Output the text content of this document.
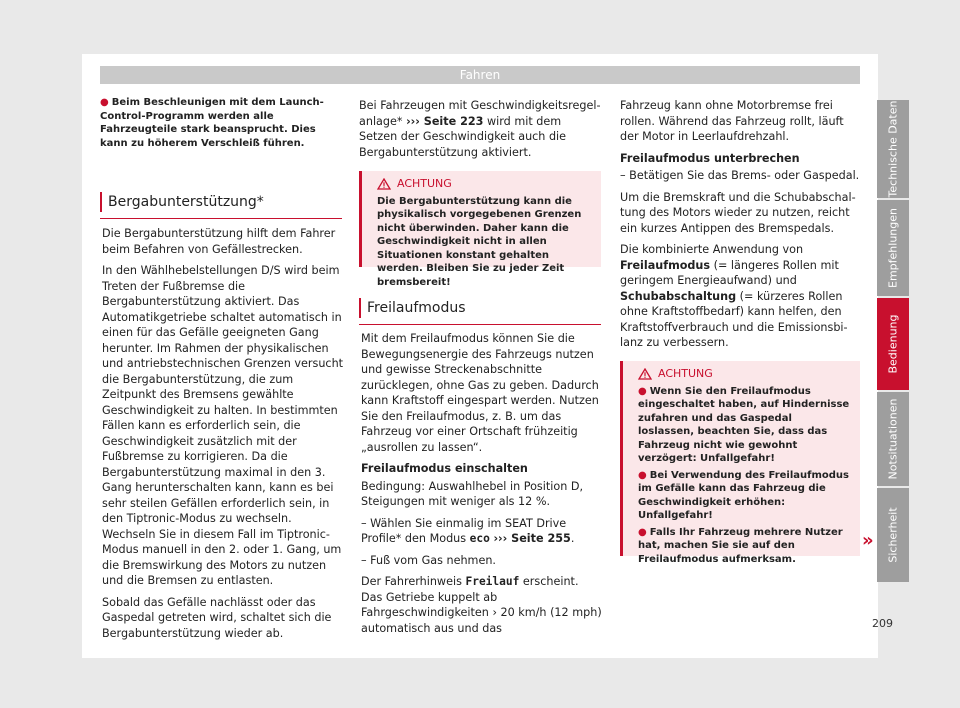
Fahren
● Beim Beschleunigen mit dem Launch-Control-Programm werden alle Fahrzeugteile stark beansprucht. Dies kann zu höherem Verschleiß führen.
Bergabunterstützung*

Die Bergabunterstützung hilft dem Fahrer beim Befahren von Gefällestrecken.

In den Wählhebelstellungen D/S wird beim Treten der Fußbremse die Bergabunterstützung aktiviert. Das Automatikgetriebe schaltet automatisch in einen für das Gefälle geeigneten Gang herunter. Im Rahmen der physikalischen und antriebstechnischen Grenzen versucht die Bergabunterstützung, die zum Zeitpunkt des Bremsens gewählte Geschwindigkeit zu halten. In bestimmten Fällen kann es erforderlich sein, die Geschwindigkeit zusätzlich mit der Fußbremse zu korrigieren. Da die Bergabunterstützung maximal in den 3. Gang herunterschalten kann, kann es bei sehr steilen Gefällen erforderlich sein, in den Tiptronic-Modus zu wechseln. Wechseln Sie in diesem Fall im Tiptronic-Modus manuell in den 2. oder 1. Gang, um die Bremswirkung des Motors zu nutzen und die Bremsen zu entlasten.

Sobald das Gefälle nachlässt oder das Gaspedal getreten wird, schaltet sich die Bergabunterstützung wieder ab.

Bei Fahrzeugen mit Geschwindigkeitsregelanlage* ››› Seite 223 wird mit dem Setzen der Geschwindigkeit auch die Bergabunterstützung aktiviert.

ACHTUNG
Die Bergabunterstützung kann die physikalisch vorgegebenen Grenzen nicht überwinden. Daher kann die Geschwindigkeit nicht in allen Situationen konstant gehalten werden. Bleiben Sie zu jeder Zeit bremsbereit!
Freilaufmodus

Mit dem Freilaufmodus können Sie die Bewegungsenergie des Fahrzeugs nutzen und gewisse Streckenabschnitte zurücklegen, ohne Gas zu geben. Dadurch kann Kraftstoff eingespart werden. Nutzen Sie den Freilaufmodus, z. B. um das Fahrzeug vor einer Ortschaft frühzeitig „ausrollen zu lassen“.

Freilaufmodus einschalten

Bedingung: Auswahlhebel in Position D, Steigungen mit weniger als 12 %.

– Wählen Sie einmalig im SEAT Drive Profile* den Modus eco ››› Seite 255.

– Fuß vom Gas nehmen.

Der Fahrerhinweis Freilauf erscheint. Das Getriebe kuppelt ab Fahrgeschwindigkeiten › 20 km/h (12 mph) automatisch aus und das

Fahrzeug kann ohne Motorbremse frei rollen. Während das Fahrzeug rollt, läuft der Motor in Leerlaufdrehzahl.

Freilaufmodus unterbrechen

– Betätigen Sie das Brems- oder Gaspedal.

Um die Bremskraft und die Schubabschaltung des Motors wieder zu nutzen, reicht ein kurzes Antippen des Bremspedals.

Die kombinierte Anwendung von Freilaufmodus (= längeres Rollen mit geringem Energieaufwand) und Schubabschaltung (= kürzeres Rollen ohne Kraftstoffbedarf) kann helfen, den Kraftstoffverbrauch und die Emissionsbilanz zu verbessern.

ACHTUNG
● Wenn Sie den Freilaufmodus eingeschaltet haben, auf Hindernisse zufahren und das Gaspedal loslassen, beachten Sie, dass das Fahrzeug nicht wie gewohnt verzögert: Unfallgefahr!
● Bei Verwendung des Freilaufmodus im Gefälle kann das Fahrzeug die Geschwindigkeit erhöhen: Unfallgefahr!
● Falls Ihr Fahrzeug mehrere Nutzer hat, machen Sie sie auf den Freilaufmodus aufmerksam.
»
Technische Daten
Empfehlungen
Bedienung
Notsituationen
Sicherheit
209
